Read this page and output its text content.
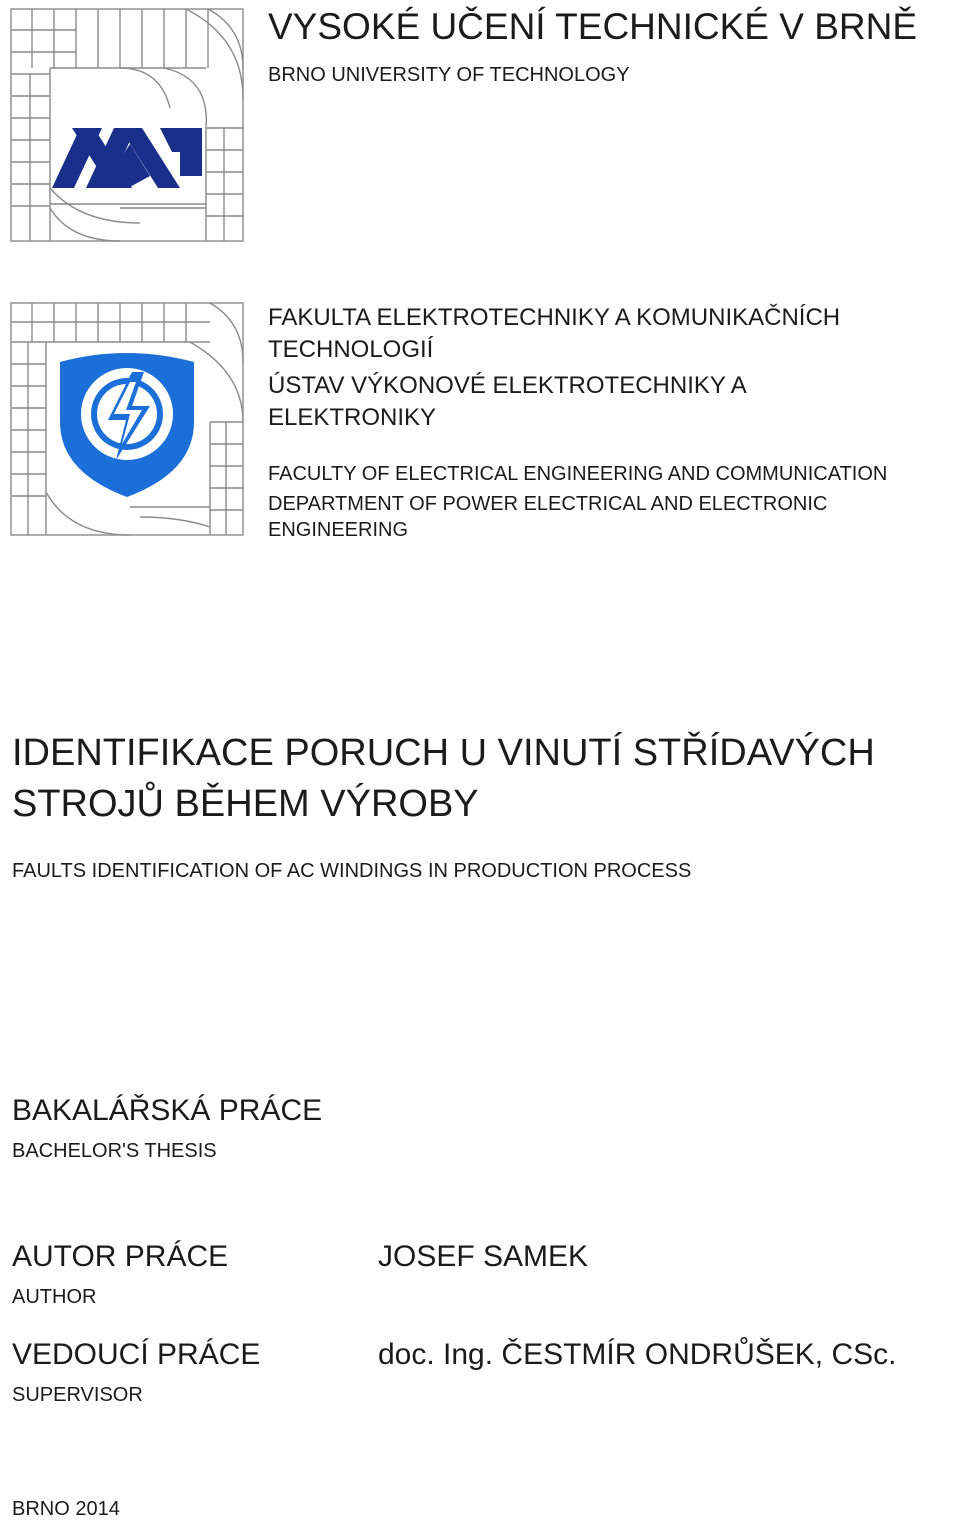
VYSOKÉ UČENÍ TECHNICKÉ V BRNĚ
BRNO UNIVERSITY OF TECHNOLOGY
FAKULTA ELEKTROTECHNIKY A KOMUNIKAČNÍCH
TECHNOLOGIÍ
ÚSTAV VÝKONOVÉ ELEKTROTECHNIKY A
ELEKTRONIKY
FACULTY OF ELECTRICAL ENGINEERING AND COMMUNICATION
DEPARTMENT OF POWER ELECTRICAL AND ELECTRONIC
ENGINEERING
IDENTIFIKACE PORUCH U VINUTÍ STŘÍDAVÝCH
STROJŮ BĚHEM VÝROBY
FAULTS IDENTIFICATION OF AC WINDINGS IN PRODUCTION PROCESS
BAKALÁŘSKÁ PRÁCE
BACHELOR'S THESIS
AUTOR PRÁCE
AUTHOR
JOSEF SAMEK
VEDOUCÍ PRÁCE
SUPERVISOR
doc. Ing. ČESTMÍR ONDRŮŠEK, CSc.
BRNO 2014
